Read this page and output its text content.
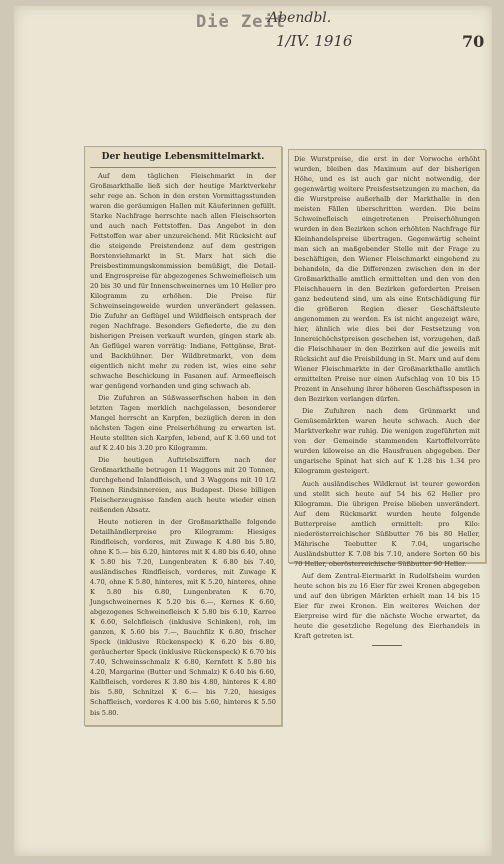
Die Zeit
Abendbl.
1/IV. 1916	70
Der heutige Lebensmittelmarkt.

Auf dem täglichen Fleischmarkt in der Großmarkthalle ließ sich der heutige Marktverkehr sehr rege an. Schon in den ersten Vormittagsstunden waren die geräumigen Hallen mit Käuferinnen gefüllt. Starke Nachfrage herrschte nach allen Fleischsorten und auch nach Fettstoffen. Das Angebot in den Fettstoffen war aber unzureichend. Mit Rücksicht auf die steigende Preistendenz auf dem gestrigen Borstenviehmarkt in St. Marx hat sich die Preisbestimmungskommission bemüßigt, die Detail- und Engrospreise für abgezogenes Schweinefleisch um 20 bis 30 und für Innenschweinernes um 10 Heller pro Kilogramm zu erhöhen. Die Preise für Schweinseingeweide wurden unverändert gelassen. Die Zufuhr an Geflügel und Wildfleisch entsprach der regen Nachfrage. Besonders Gefiederte, die zu den bisherigen Preisen verkauft wurden, gingen stark ab. An Geflügel waren vorrätig: Indiane, Fettgänse, Brat- und Backhühner. Der Wildbretmarkt, von dem eigentlich nicht mehr zu reden ist, wies eine sehr schwache Beschickung in Fasanen auf. Armeefleisch war genügend vorhanden und ging schwach ab.

Die Zufuhren an Süßwasserfischen haben in den letzten Tagen merklich nachgelassen, besonderer Mangel herrscht an Karpfen, bezüglich deren in den nächsten Tagen eine Preiserhöhung zu erwarten ist. Heute stellten sich Karpfen, lebend, auf K 3.60 und tot auf K 2.40 bis 3.20 pro Kilogramm.

Die heutigen Auftriebsziffern nach der Großmarkthalle betrugen 11 Waggons mit 20 Tonnen, durchgehend Inlandfleisch, und 3 Waggons mit 10 1/2 Tonnen Rindsinnereien, aus Budapest. Diese billigen Fleischerzeugnisse fanden auch heute wieder einen reißenden Absatz.

Heute notieren in der Großmarkthalle folgende Detailhändlerpreise pro Kilogramm: Hiesiges Rindfleisch, vorderes, mit Zuwage K 4.80 bis 5.80, ohne K 5.— bis 6.20, hinteres mit K 4.80 bis 6.40, ohne K 5.80 bis 7.20, Lungenbraten K 6.80 bis 7.40, ausländisches Rindfleisch, vorderes, mit Zuwage K 4.70, ohne K 5.80, hinteres, mit K 5.20, hinteres, ohne K 5.80 bis 6.80, Lungenbraten K 6.70, Jungschweinernes K 5.20 bis 6.—, Kernes K 6.60, abgezogenes Schweinefleisch K 5.80 bis 6.10, Karree K 6.60, Selchfleisch (inklusive Schinken), roh, im ganzen, K 5.60 bis 7.—, Bauchfilz K 6.80, frischer Speck (inklusive Rückenspeck) K 6.20 bis 6.80, geräucherter Speck (inklusive Rückenspeck) K 6.70 bis 7.40, Schweinsschmalz K 6.80, Kernfett K 5.80 bis 4.20, Margarine (Butter und Schmalz) K 6.40 bis 6.60, Kalbfleisch, vorderes K 3.80 bis 4.80, hinteres K 4.80 bis 5.80, Schnitzel K 6.— bis 7.20, hiesiges Schaffleisch, vorderes K 4.00 bis 5.60, hinteres K 5.50 bis 5.80.

Die Wurstpreise, die erst in der Vorwoche erhöht wurden, bleiben das Maximum auf der bisherigen Höhe, und es ist auch gar nicht notwendig, der gegenwärtig weitere Preisfestsetzungen zu machen, da die Wurstpreise außerhalb der Markthalle in den meisten Fällen überschritten werden. Die beim Schweinefleisch eingetretenen Preiserhöhungen wurden in den Bezirken schon erhöhten Nachfrage für Kleinhandelspreise übertragen. Gegenwärtig scheint man sich an maßgebender Stelle mit der Frage zu beschäftigen, den Wiener Fleischmarkt eingehend zu behandeln, da die Differenzen zwischen den in der Großmarkthalle amtlich ermittelten und den von den Fleischhauern in den Bezirken geforderten Preisen ganz bedeutend sind, um als eine Entschädigung für die größeren Regien dieser Geschäftsleute angenommen zu werden. Es ist nicht angezeigt wäre, hier, ähnlich wie dies bei der Festsetzung von Innereichöchstpreisen geschehen ist, vorzugehen, daß die Fleischhauer in den Bezirken auf die jeweils mit Rücksicht auf die Preisbildung in St. Marx und auf dem Wiener Fleischmarkte in der Großmarkthalle amtlich ermittelten Preise nur einen Aufschlag von 10 bis 15 Prozent in Ansehung ihrer höheren Geschäftsspesen in den Bezirken verlangen dürfen.

Die Zufuhren nach dem Grünmarkt und Gemüsemärkten waren heute schwach. Auch der Marktverkehr war ruhig. Die wenigen zugeführten mit von der Gemeinde stammenden Kartoffelvorräte wurden kiloweise an die Hausfrauen abgegeben. Der ungarische Spinat hat sich auf K 1.28 bis 1.34 pro Kilogramm gesteigert.

Auch ausländisches Wildkraut ist teurer geworden und stellt sich heute auf 54 bis 62 Heller pro Kilogramm. Die übrigen Preise blieben unverändert. Auf dem Rückmarkt wurden heute folgende Butterpreise amtlich ermittelt: pro Kilo: niederösterreichischer Süßbutter 76 bis 80 Heller, Mährische Teebutter K 7.04, ungarische Ausländsbutter K 7.08 bis 7.10, andere Sorten 60 bis 70 Heller, oberösterreichische Süßbutter 90 Heller.

Auf dem Zentral-Eiermarkt in Rudolfsheim wurden heute schon bis zu 16 Eier für zwei Kronen abgegeben und auf den übrigen Märkten erhielt man 14 bis 15 Eier für zwei Kronen. Ein weiteres Weichen der Eierpreise wird für die nächste Woche erwartet, da heute die gesetzliche Regelung des Eierhandels in Kraft getreten ist.
